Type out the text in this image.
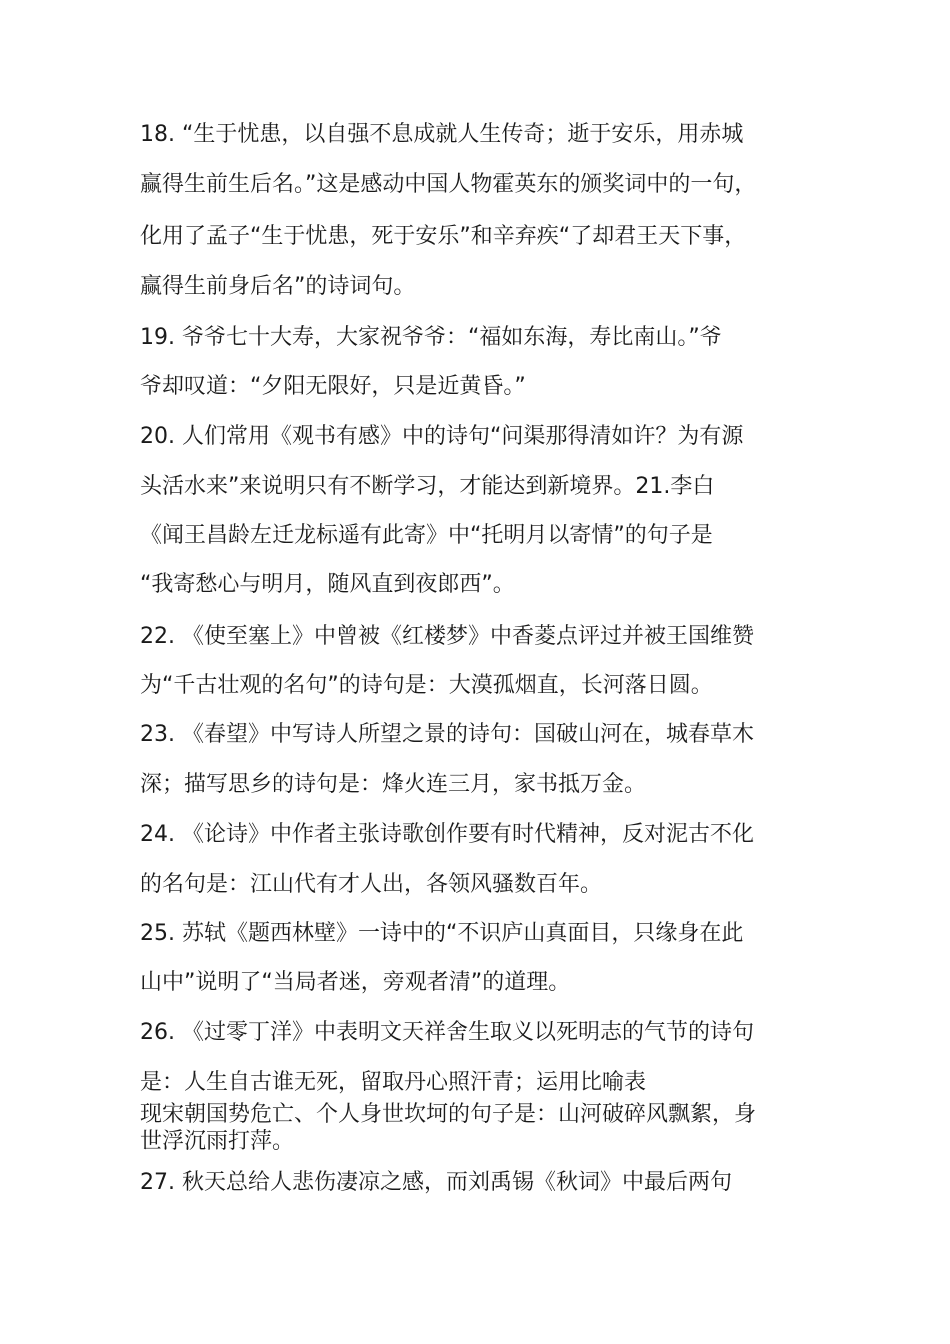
18. “生于忧患，以自强不息成就人生传奇；逝于安乐，用赤城
赢得生前生后名。”这是感动中国人物霍英东的颁奖词中的一句，
化用了孟子“生于忧患，死于安乐”和辛弃疾“了却君王天下事，
赢得生前身后名”的诗词句。
19. 爷爷七十大寿，大家祝爷爷：“福如东海，寿比南山。”爷
爷却叹道：“夕阳无限好，只是近黄昏。”
20. 人们常用《观书有感》中的诗句“问渠那得清如许？为有源
头活水来”来说明只有不断学习，才能达到新境界。21.李白
《闻王昌龄左迁龙标遥有此寄》中“托明月以寄情”的句子是
“我寄愁心与明月，随风直到夜郎西”。
22. 《使至塞上》中曾被《红楼梦》中香菱点评过并被王国维赞
为“千古壮观的名句”的诗句是：大漠孤烟直，长河落日圆。
23. 《春望》中写诗人所望之景的诗句：国破山河在，城春草木
深；描写思乡的诗句是：烽火连三月，家书抵万金。
24. 《论诗》中作者主张诗歌创作要有时代精神，反对泥古不化
的名句是：江山代有才人出，各领风骚数百年。
25. 苏轼《题西林壁》一诗中的“不识庐山真面目，只缘身在此
山中”说明了“当局者迷，旁观者清”的道理。
26. 《过零丁洋》中表明文天祥舍生取义以死明志的气节的诗句
是：人生自古谁无死，留取丹心照汗青；运用比喻表
现宋朝国势危亡、个人身世坎坷的句子是：山河破碎风飘絮，身
世浮沉雨打萍。
27. 秋天总给人悲伤凄凉之感，而刘禹锡《秋词》中最后两句
